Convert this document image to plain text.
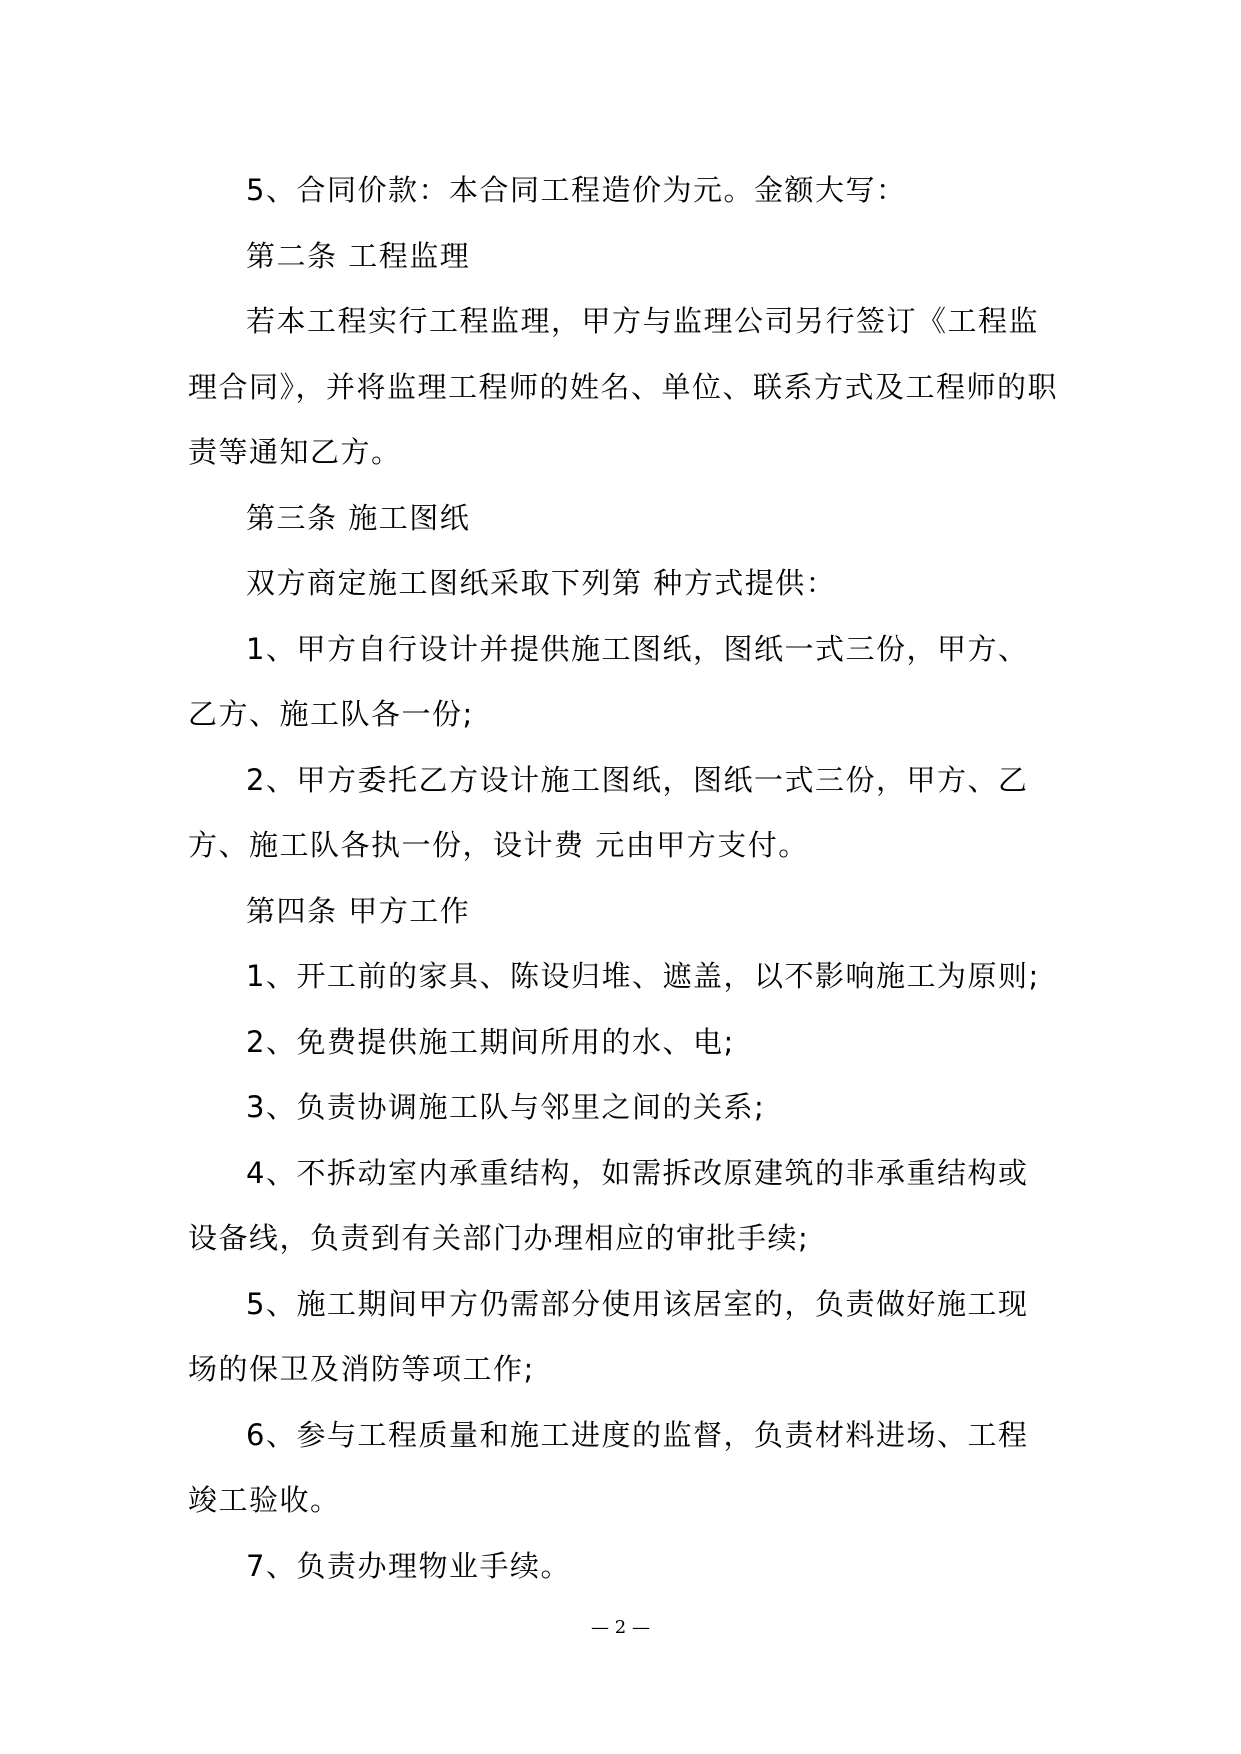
5、合同价款：本合同工程造价为元。金额大写：

第二条 工程监理

若本工程实行工程监理，甲方与监理公司另行签订《工程监理合同》，并将监理工程师的姓名、单位、联系方式及工程师的职责等通知乙方。

第三条 施工图纸

双方商定施工图纸采取下列第 种方式提供：

1、甲方自行设计并提供施工图纸，图纸一式三份，甲方、乙方、施工队各一份;

2、甲方委托乙方设计施工图纸，图纸一式三份，甲方、乙方、施工队各执一份，设计费 元由甲方支付。

第四条 甲方工作

1、开工前的家具、陈设归堆、遮盖，以不影响施工为原则;

2、免费提供施工期间所用的水、电;

3、负责协调施工队与邻里之间的关系;

4、不拆动室内承重结构，如需拆改原建筑的非承重结构或设备线，负责到有关部门办理相应的审批手续;

5、施工期间甲方仍需部分使用该居室的，负责做好施工现场的保卫及消防等项工作;

6、参与工程质量和施工进度的监督，负责材料进场、工程竣工验收。

7、负责办理物业手续。

— 2 —
